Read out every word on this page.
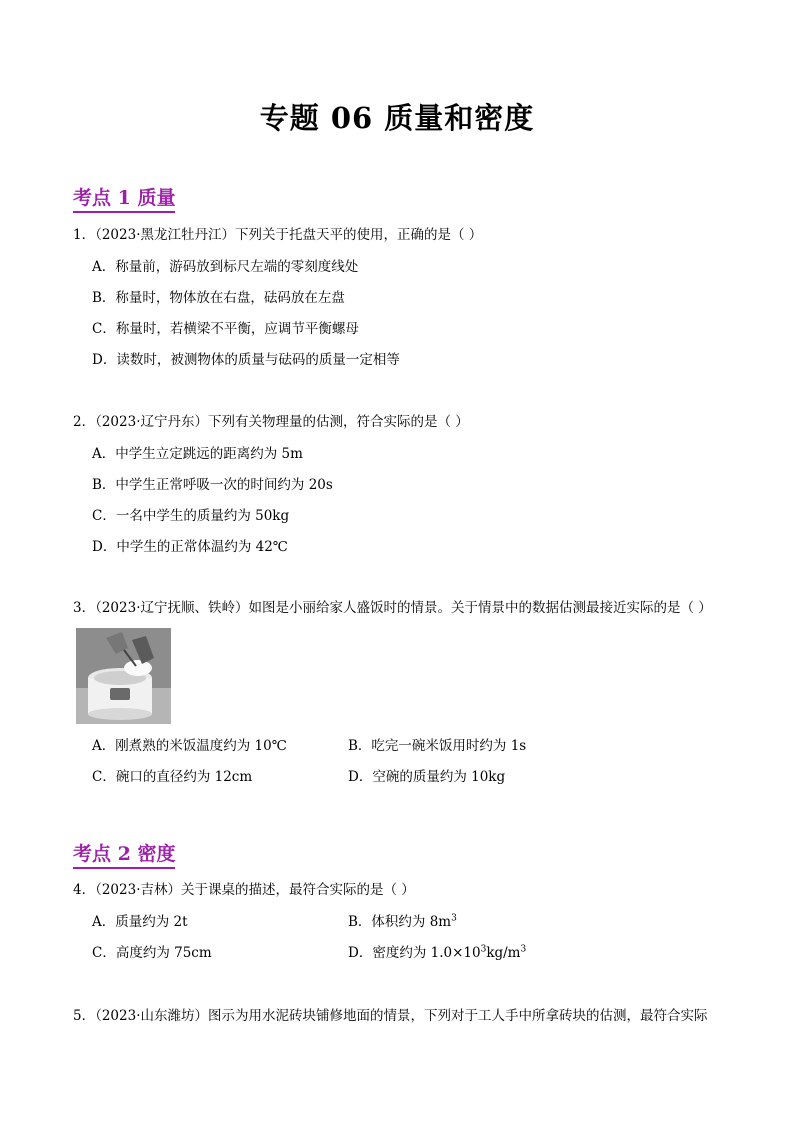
专题 06 质量和密度
考点 1 质量
1．（2023·黑龙江牡丹江）下列关于托盘天平的使用，正确的是（ ）
A．称量前，游码放到标尺左端的零刻度线处
B．称量时，物体放在右盘，砝码放在左盘
C．称量时，若横梁不平衡，应调节平衡螺母
D．读数时，被测物体的质量与砝码的质量一定相等
2．（2023·辽宁丹东）下列有关物理量的估测，符合实际的是（ ）
A．中学生立定跳远的距离约为 5m
B．中学生正常呼吸一次的时间约为 20s
C．一名中学生的质量约为 50kg
D．中学生的正常体温约为 42℃
3．（2023·辽宁抚顺、铁岭）如图是小丽给家人盛饭时的情景。关于情景中的数据估测最接近实际的是（ ）
A．刚煮熟的米饭温度约为 10℃	B．吃完一碗米饭用时约为 1s
C．碗口的直径约为 12cm	D．空碗的质量约为 10kg
考点 2 密度
4．（2023·吉林）关于课桌的描述，最符合实际的是（ ）
A．质量约为 2t	B．体积约为 $8m^3$
C．高度约为 75cm	D．密度约为 $1.0\times 10^3kg/m^3$
5．（2023·山东潍坊）图示为用水泥砖块铺修地面的情景，下列对于工人手中所拿砖块的估测，最符合实际
